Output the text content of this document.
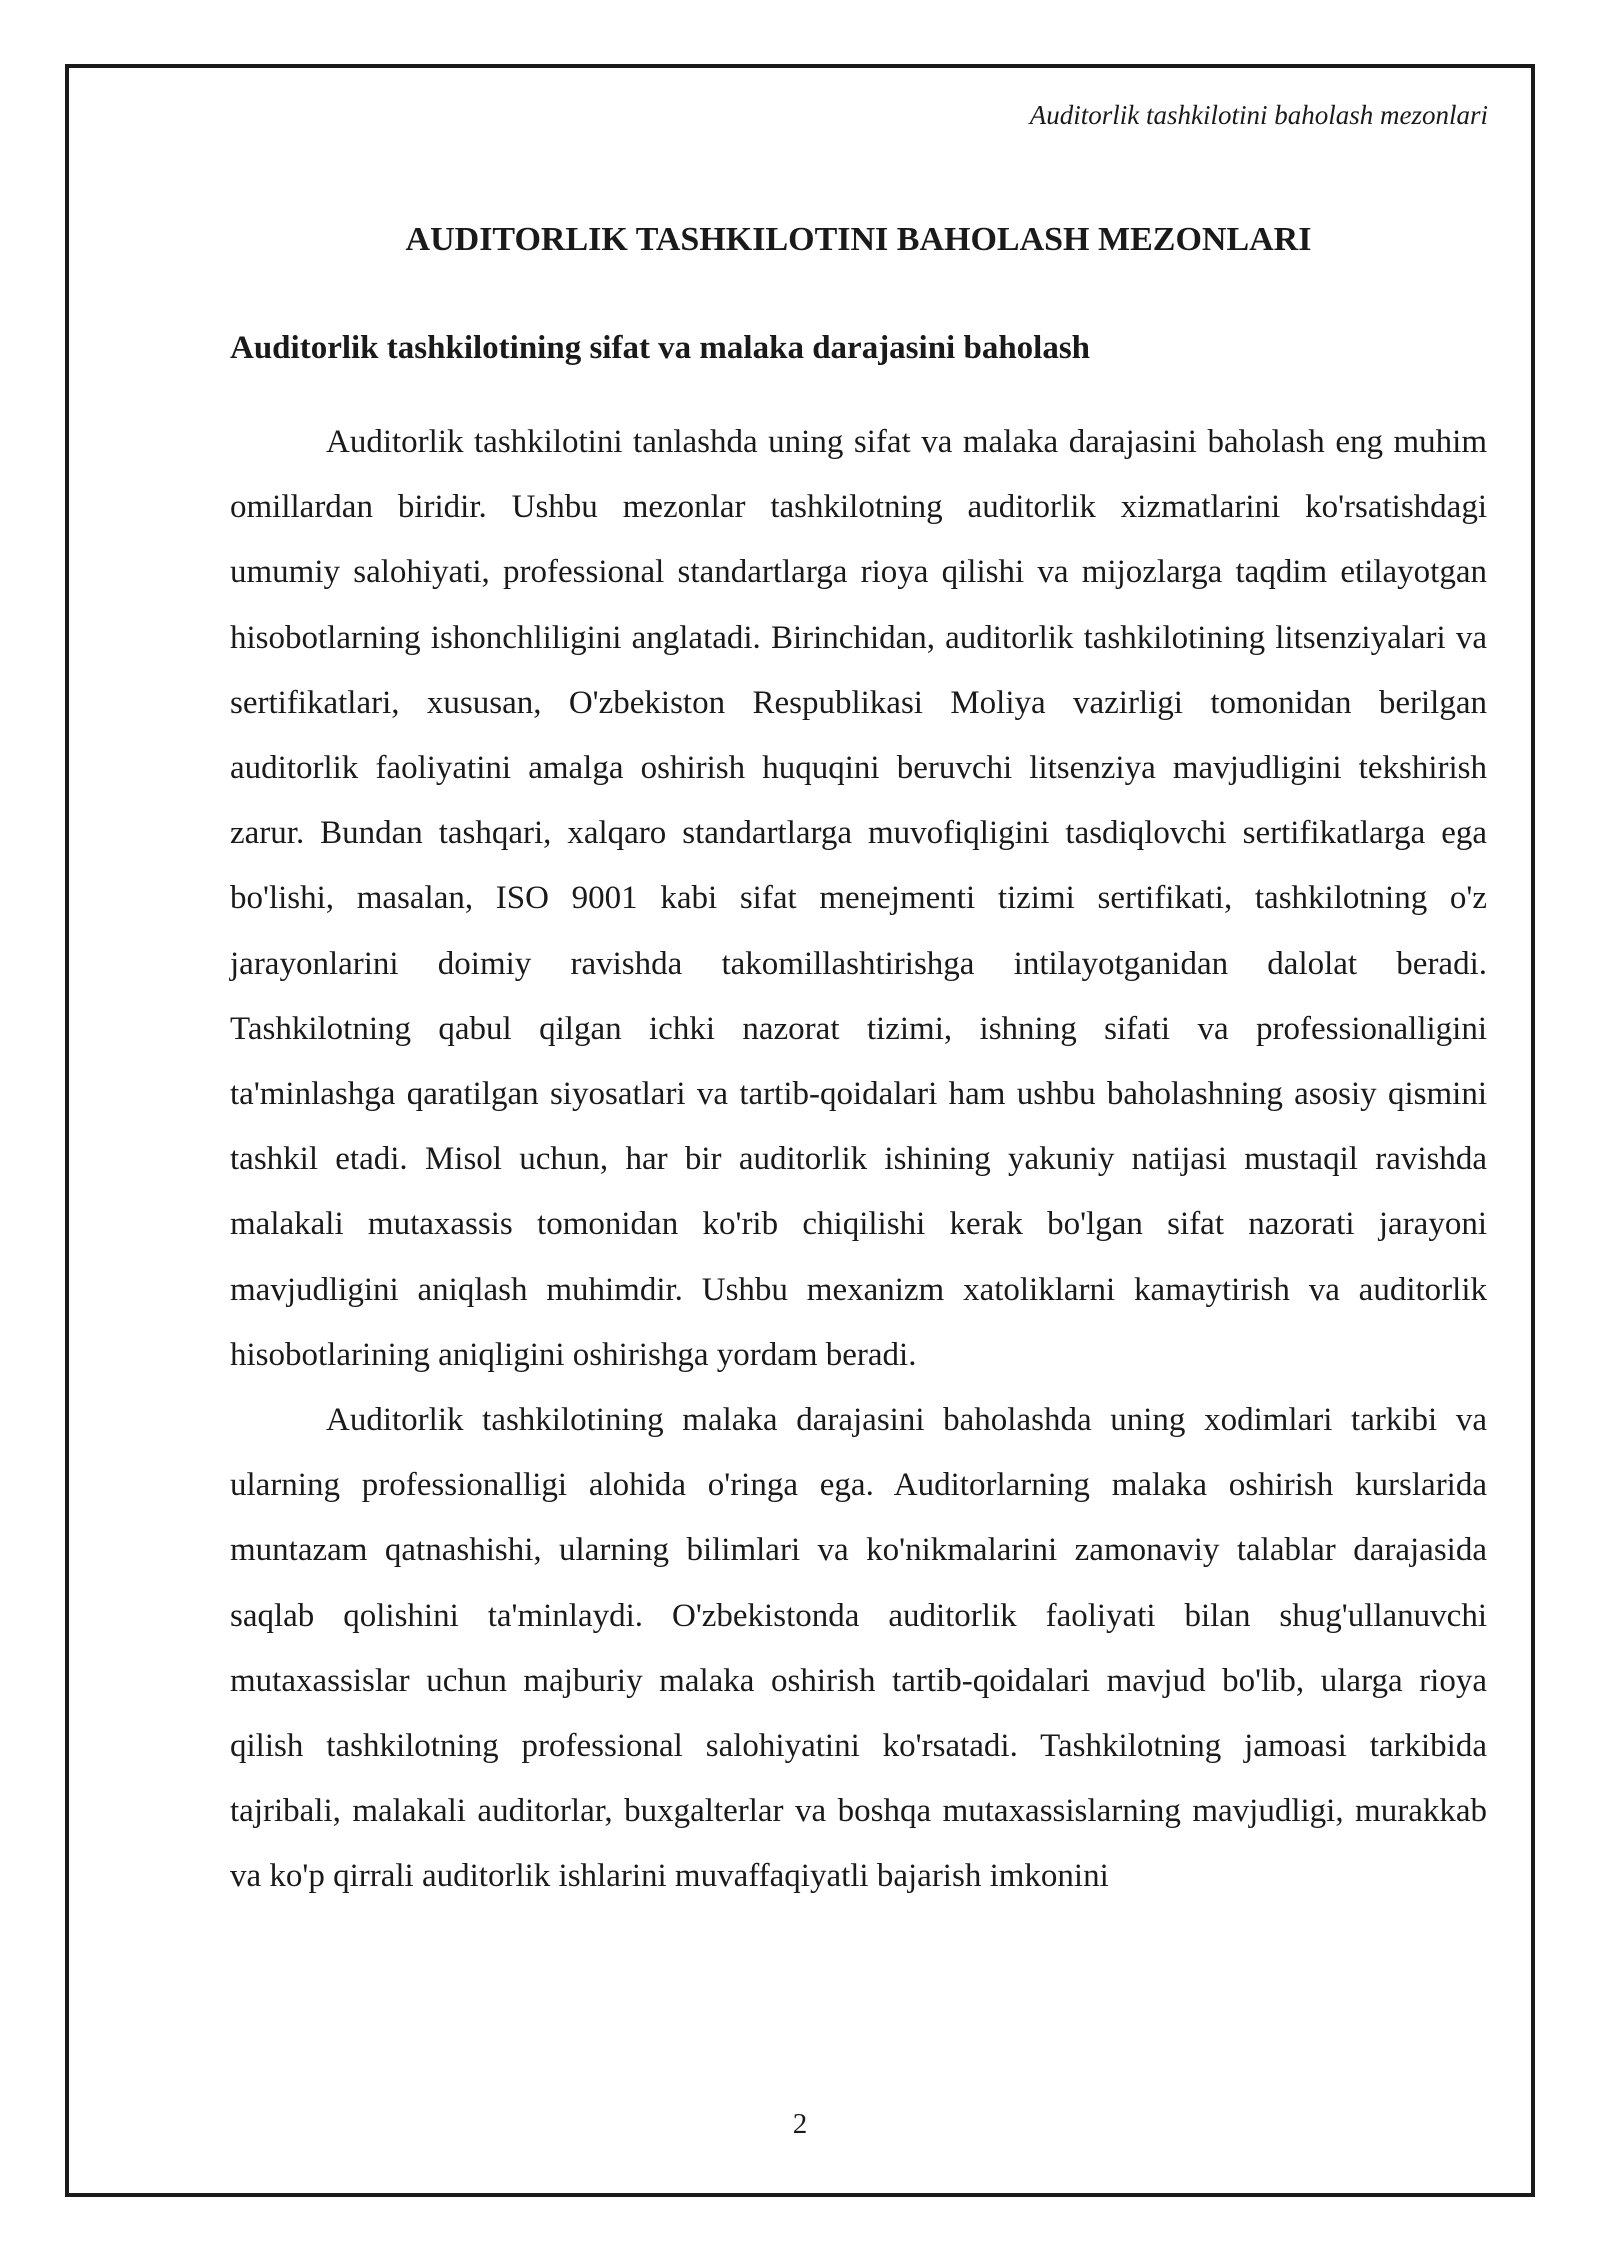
Auditorlik tashkilotini baholash mezonlari
AUDITORLIK TASHKILOTINI BAHOLASH MEZONLARI
Auditorlik tashkilotining sifat va malaka darajasini baholash

Auditorlik tashkilotini tanlashda uning sifat va malaka darajasini baholash eng muhim omillardan biridir. Ushbu mezonlar tashkilotning auditorlik xizmatlarini ko'rsatishdagi umumiy salohiyati, professional standartlarga rioya qilishi va mijozlarga taqdim etilayotgan hisobotlarning ishonchliligini anglatadi. Birinchidan, auditorlik tashkilotining litsenziyalari va sertifikatlari, xususan, O'zbekiston Respublikasi Moliya vazirligi tomonidan berilgan auditorlik faoliyatini amalga oshirish huquqini beruvchi litsenziya mavjudligini tekshirish zarur. Bundan tashqari, xalqaro standartlarga muvofiqligini tasdiqlovchi sertifikatlarga ega bo'lishi, masalan, ISO 9001 kabi sifat menejmenti tizimi sertifikati, tashkilotning o'z jarayonlarini doimiy ravishda takomillashtirishga intilayotganidan dalolat beradi. Tashkilotning qabul qilgan ichki nazorat tizimi, ishning sifati va professionalligini ta'minlashga qaratilgan siyosatlari va tartib-qoidalari ham ushbu baholashning asosiy qismini tashkil etadi. Misol uchun, har bir auditorlik ishining yakuniy natijasi mustaqil ravishda malakali mutaxassis tomonidan ko'rib chiqilishi kerak bo'lgan sifat nazorati jarayoni mavjudligini aniqlash muhimdir. Ushbu mexanizm xatoliklarni kamaytirish va auditorlik hisobotlarining aniqligini oshirishga yordam beradi.

Auditorlik tashkilotining malaka darajasini baholashda uning xodimlari tarkibi va ularning professionalligi alohida o'ringa ega. Auditorlarning malaka oshirish kurslarida muntazam qatnashishi, ularning bilimlari va ko'nikmalarini zamonaviy talablar darajasida saqlab qolishini ta'minlaydi. O'zbekistonda auditorlik faoliyati bilan shug'ullanuvchi mutaxassislar uchun majburiy malaka oshirish tartib-qoidalari mavjud bo'lib, ularga rioya qilish tashkilotning professional salohiyatini ko'rsatadi. Tashkilotning jamoasi tarkibida tajribali, malakali auditorlar, buxgalterlar va boshqa mutaxassislarning mavjudligi, murakkab va ko'p qirrali auditorlik ishlarini muvaffaqiyatli bajarish imkonini

2
